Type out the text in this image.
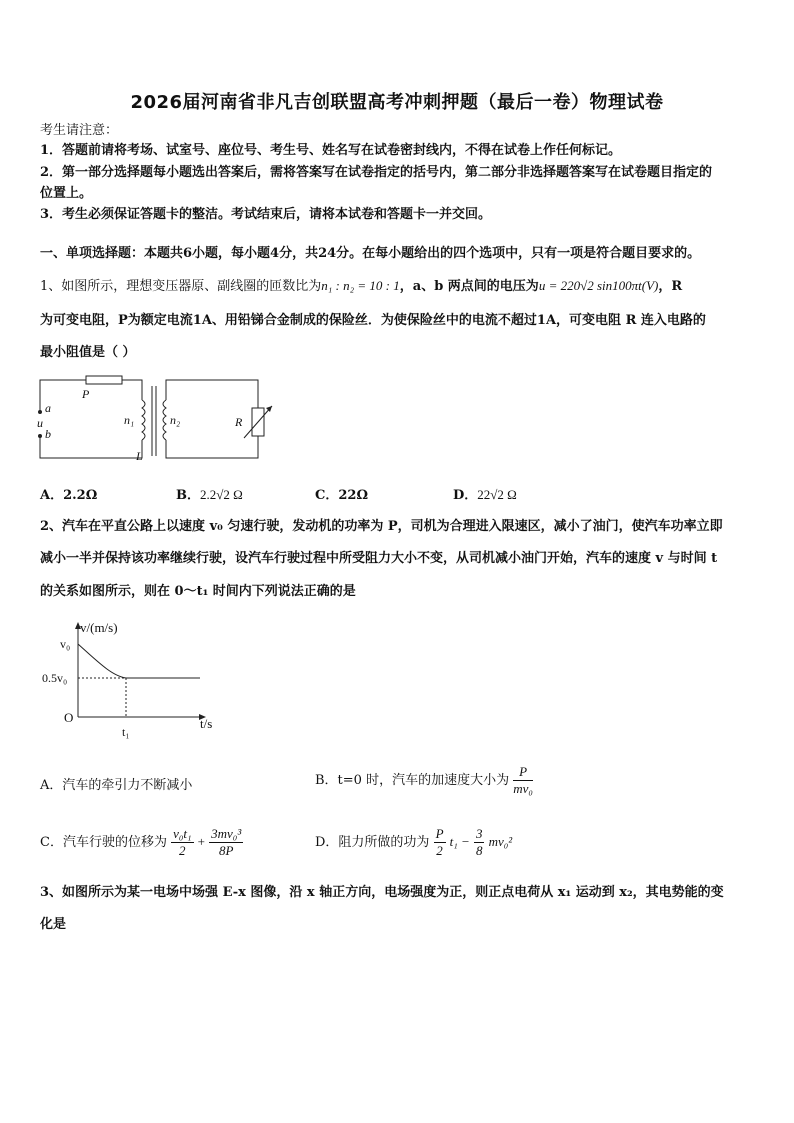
2026届河南省非凡吉创联盟高考冲刺押题（最后一卷）物理试卷
考生请注意：
1．答题前请将考场、试室号、座位号、考生号、姓名写在试卷密封线内，不得在试卷上作任何标记。
2．第一部分选择题每小题选出答案后，需将答案写在试卷指定的括号内，第二部分非选择题答案写在试卷题目指定的
位置上。
3．考生必须保证答题卡的整洁。考试结束后，请将本试卷和答题卡一并交回。
一、单项选择题：本题共6小题，每小题4分，共24分。在每小题给出的四个选项中，只有一项是符合题目要求的。
1、如图所示，理想变压器原、副线圈的匝数比为n₁ : n₂ = 10 : 1，a、b 两点间的电压为u = 220√2 sin100πt(V)，R
为可变电阻，P为额定电流1A、用铅锑合金制成的保险丝．为使保险丝中的电流不超过1A，可变电阻 R 连入电路的
最小阻值是（ ）
P
a
u
b
n₁	n₂	R
L
A．2.2Ω	B．2.2√2 Ω	C．22Ω	D．22√2 Ω
2、汽车在平直公路上以速度 v₀ 匀速行驶，发动机的功率为 P，司机为合理进入限速区，减小了油门，使汽车功率立即
减小一半并保持该功率继续行驶，设汽车行驶过程中所受阻力大小不变，从司机减小油门开始，汽车的速度 v 与时间 t
的关系如图所示，则在 0～t₁ 时间内下列说法正确的是
v/(m/s)
v₀
0.5v₀
O
t₁
t/s
A．汽车的牵引力不断减小	B．t=0 时，汽车的加速度大小为 $\frac{P}{\text{mv₀}}$
C．汽车行驶的位移为 $\frac{\text{v₀t₁}}{2} + \frac{\text{3mv₀³}}{8P}$	D．阻力所做的功为 $\frac{P}{2} t_1 - \frac{3}{8} mv_0^2$
3、如图所示为某一电场中场强 E-x 图像，沿 x 轴正方向，电场强度为正，则正点电荷从 x₁ 运动到 x₂，其电势能的变
化是
